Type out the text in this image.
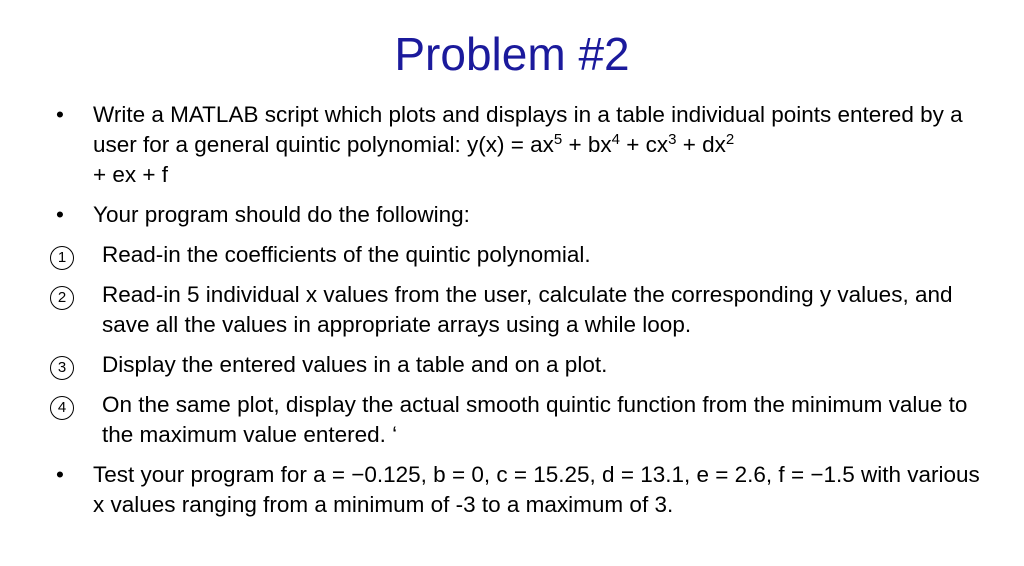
Problem #2
•	Write a MATLAB script which plots and displays in a table individual points entered by a user for a general quintic polynomial: $y(x) = ax^5 + bx^4 + cx^3 + dx^2$
+ ex + f
•	Your program should do the following:
1	Read-in the coefficients of the quintic polynomial.
2	Read-in 5 individual x values from the user, calculate the corresponding y values, and save all the values in appropriate arrays using a while loop.
3	Display the entered values in a table and on a plot.
4	On the same plot, display the actual smooth quintic function from the minimum value to the maximum value entered. ‘
•	Test your program for a = −0.125, b = 0, c = 15.25, d = 13.1, e = 2.6, f = −1.5 with various x values ranging from a minimum of -3 to a maximum of 3.
